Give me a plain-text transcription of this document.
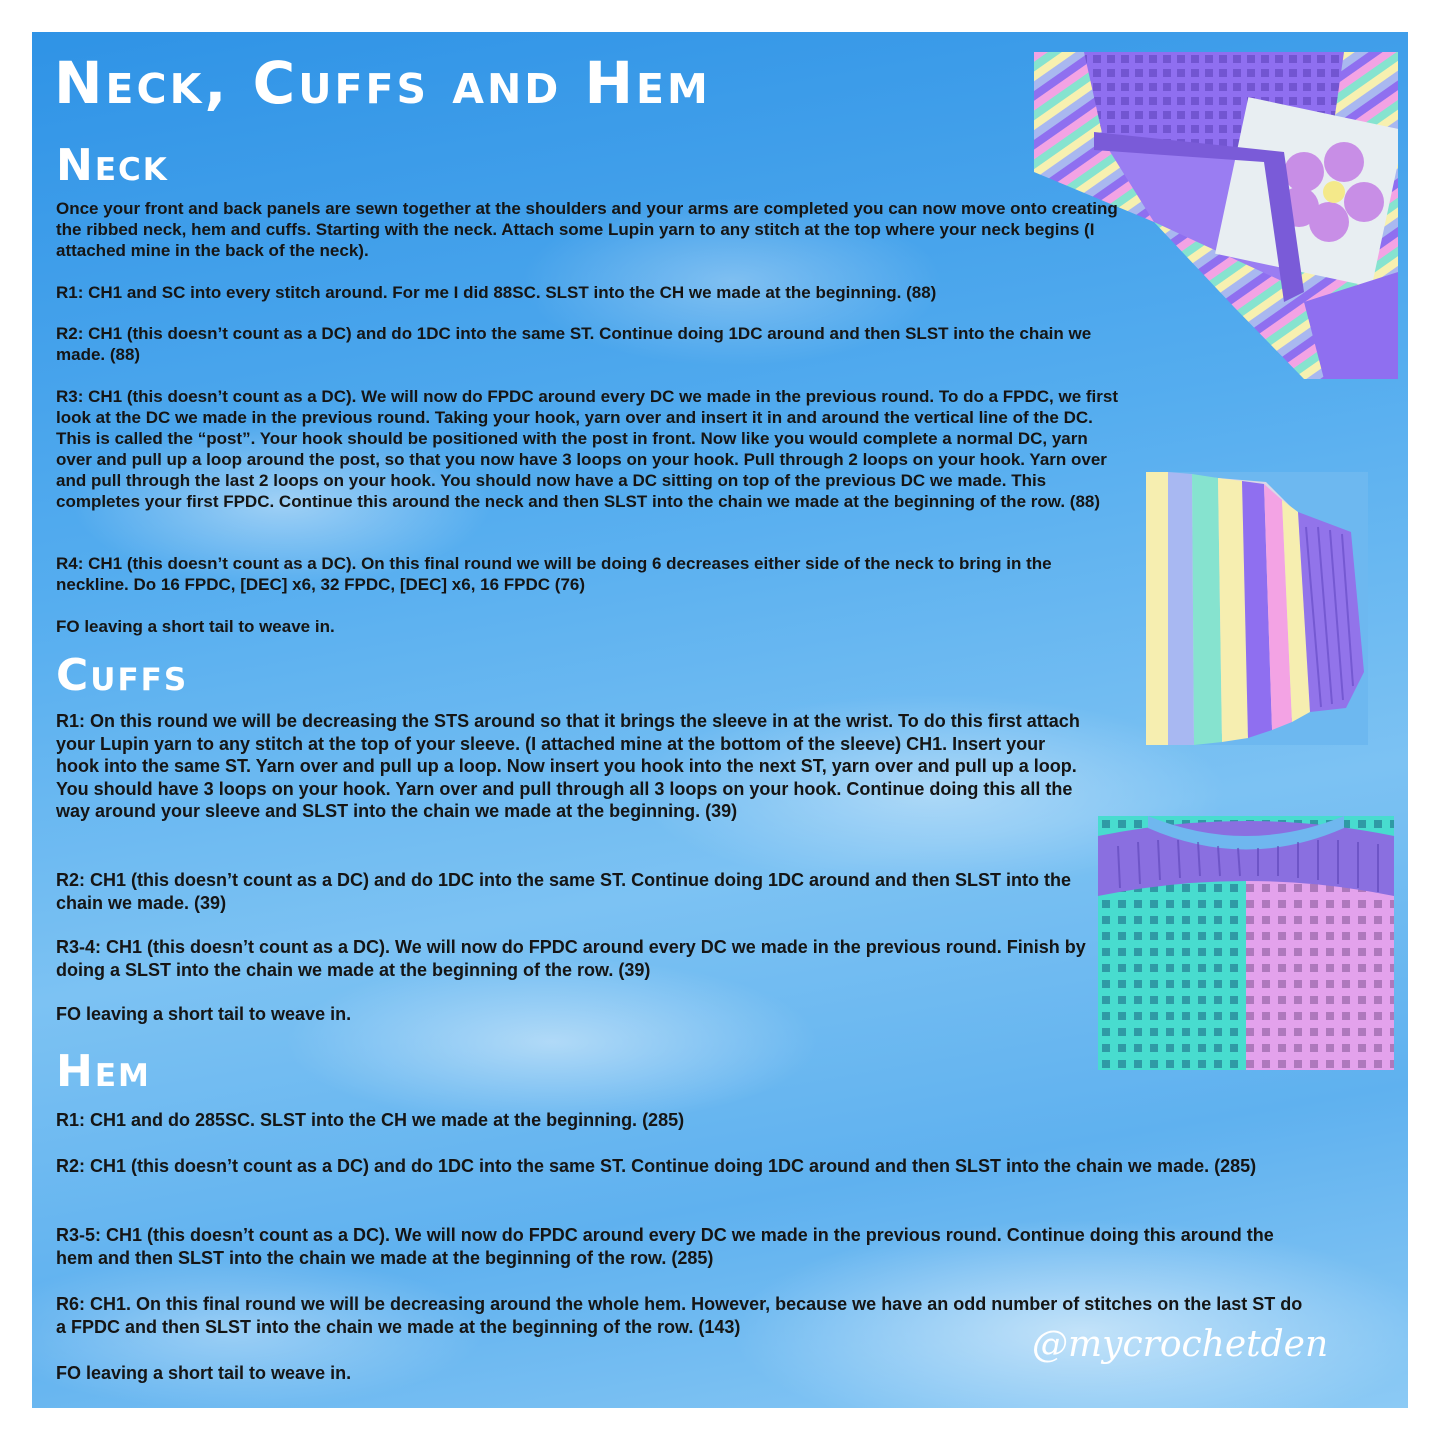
Neck, Cuffs and Hem
Neck

Once your front and back panels are sewn together at the shoulders and your arms are completed you can now move onto creating the ribbed neck, hem and cuffs. Starting with the neck. Attach some Lupin yarn to any stitch at the top where your neck begins (I attached mine in the back of the neck).

R1: CH1 and SC into every stitch around. For me I did 88SC. SLST into the CH we made at the beginning. (88)

R2: CH1 (this doesn’t count as a DC) and do 1DC into the same ST. Continue doing 1DC around and then SLST into the chain we made. (88)

R3: CH1 (this doesn’t count as a DC). We will now do FPDC around every DC we made in the previous round. To do a FPDC, we first look at the DC we made in the previous round. Taking your hook, yarn over and insert it in and around the vertical line of the DC. This is called the “post”. Your hook should be positioned with the post in front. Now like you would complete a normal DC, yarn over and pull up a loop around the post, so that you now have 3 loops on your hook. Pull through 2 loops on your hook. Yarn over and pull through the last 2 loops on your hook. You should now have a DC sitting on top of the previous DC we made. This completes your first FPDC. Continue this around the neck and then SLST into the chain we made at the beginning of the row. (88)

R4: CH1 (this doesn’t count as a DC). On this final round we will be doing 6 decreases either side of the neck to bring in the neckline. Do 16 FPDC, [DEC] x6, 32 FPDC, [DEC] x6, 16 FPDC (76)

FO leaving a short tail to weave in.

Cuffs

R1: On this round we will be decreasing the STS around so that it brings the sleeve in at the wrist. To do this first attach your Lupin yarn to any stitch at the top of your sleeve. (I attached mine at the bottom of the sleeve) CH1. Insert your hook into the same ST. Yarn over and pull up a loop. Now insert you hook into the next ST, yarn over and pull up a loop. You should have 3 loops on your hook. Yarn over and pull through all 3 loops on your hook. Continue doing this all the way around your sleeve and SLST into the chain we made at the beginning. (39)

R2: CH1 (this doesn’t count as a DC) and do 1DC into the same ST. Continue doing 1DC around and then SLST into the chain we made. (39)

R3-4: CH1 (this doesn’t count as a DC). We will now do FPDC around every DC we made in the previous round. Finish by doing a SLST into the chain we made at the beginning of the row. (39)

FO leaving a short tail to weave in.

Hem

R1: CH1 and do 285SC. SLST into the CH we made at the beginning. (285)

R2: CH1 (this doesn’t count as a DC) and do 1DC into the same ST. Continue doing 1DC around and then SLST into the chain we made. (285)

R3-5: CH1 (this doesn’t count as a DC). We will now do FPDC around every DC we made in the previous round. Continue doing this around the hem and then SLST into the chain we made at the beginning of the row. (285)

R6: CH1. On this final round we will be decreasing around the whole hem. However, because we have an odd number of stitches on the last ST do a FPDC and then SLST into the chain we made at the beginning of the row. (143)

FO leaving a short tail to weave in.

@mycrochetden
